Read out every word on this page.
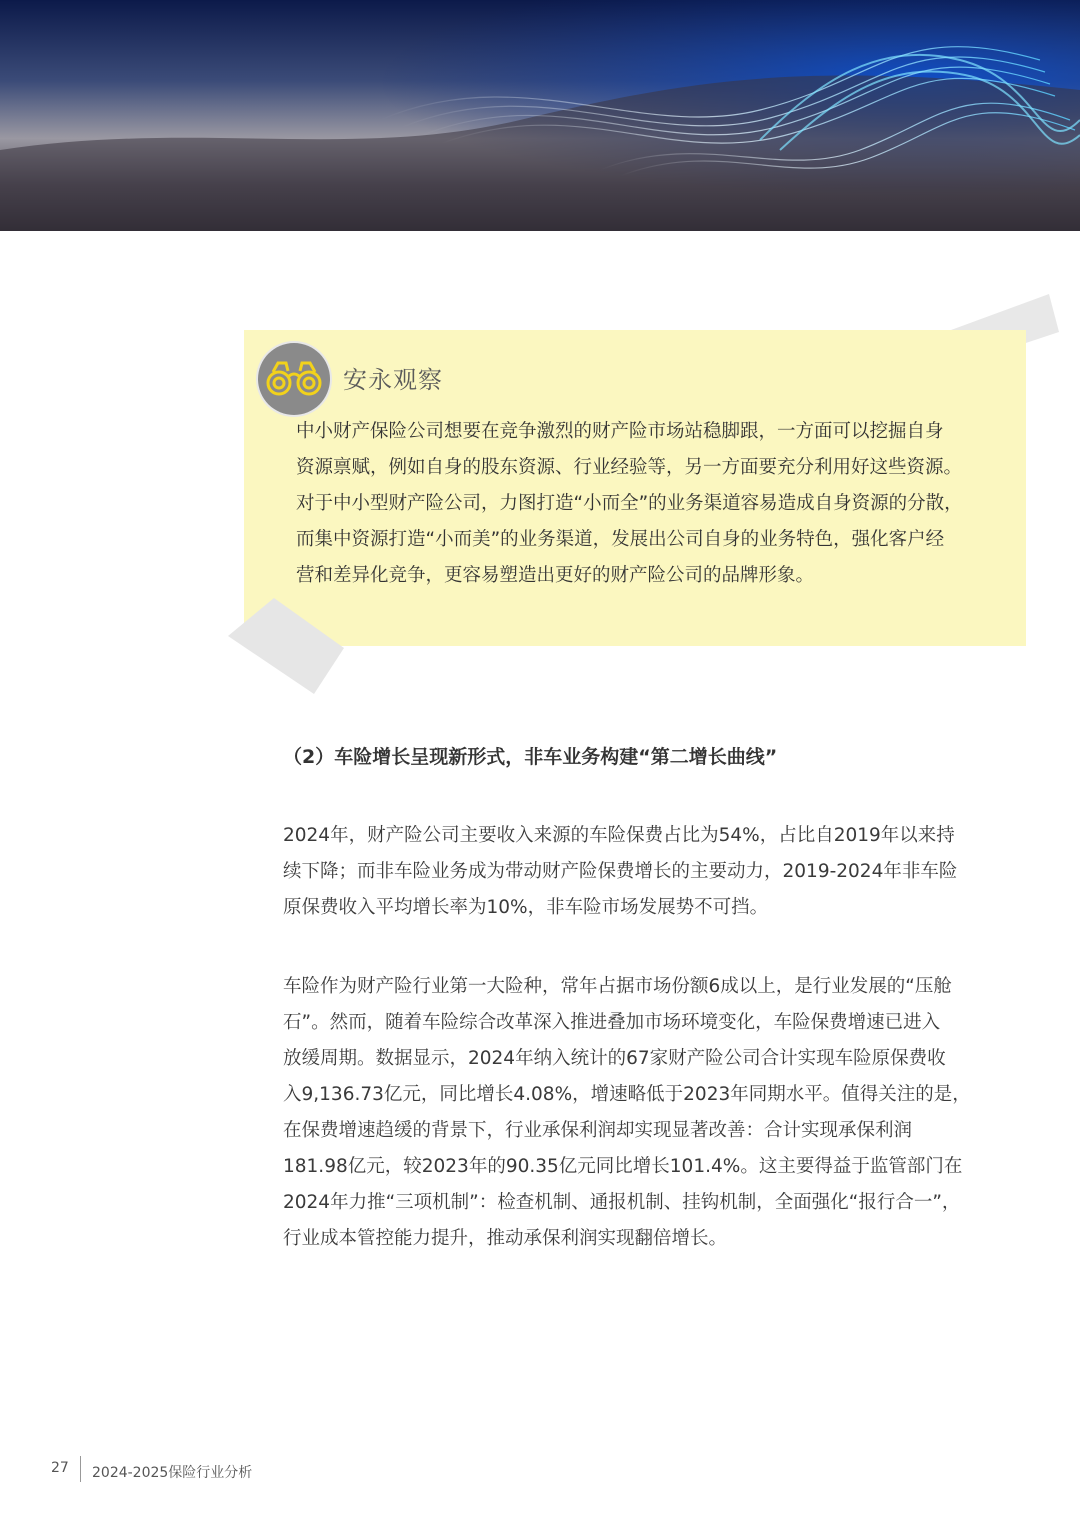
安永观察

中小财产保险公司想要在竞争激烈的财产险市场站稳脚跟，一方面可以挖掘自身

资源禀赋，例如自身的股东资源、行业经验等，另一方面要充分利用好这些资源。

对于中小型财产险公司，力图打造“小而全”的业务渠道容易造成自身资源的分散，

而集中资源打造“小而美”的业务渠道，发展出公司自身的业务特色，强化客户经

营和差异化竞争，更容易塑造出更好的财产险公司的品牌形象。

（2）车险增长呈现新形式，非车业务构建“第二增长曲线”

2024年，财产险公司主要收入来源的车险保费占比为54%，占比自2019年以来持

续下降；而非车险业务成为带动财产险保费增长的主要动力，2019-2024年非车险

原保费收入平均增长率为10%，非车险市场发展势不可挡。

车险作为财产险行业第一大险种，常年占据市场份额6成以上，是行业发展的“压舱

石”。然而，随着车险综合改革深入推进叠加市场环境变化，车险保费增速已进入

放缓周期。数据显示，2024年纳入统计的67家财产险公司合计实现车险原保费收

入9,136.73亿元，同比增长4.08%，增速略低于2023年同期水平。值得关注的是，

在保费增速趋缓的背景下，行业承保利润却实现显著改善：合计实现承保利润

181.98亿元，较2023年的90.35亿元同比增长101.4%。这主要得益于监管部门在

2024年力推“三项机制”：检查机制、通报机制、挂钩机制，全面强化“报行合一”，

行业成本管控能力提升，推动承保利润实现翻倍增长。

27 2024-2025保险行业分析
